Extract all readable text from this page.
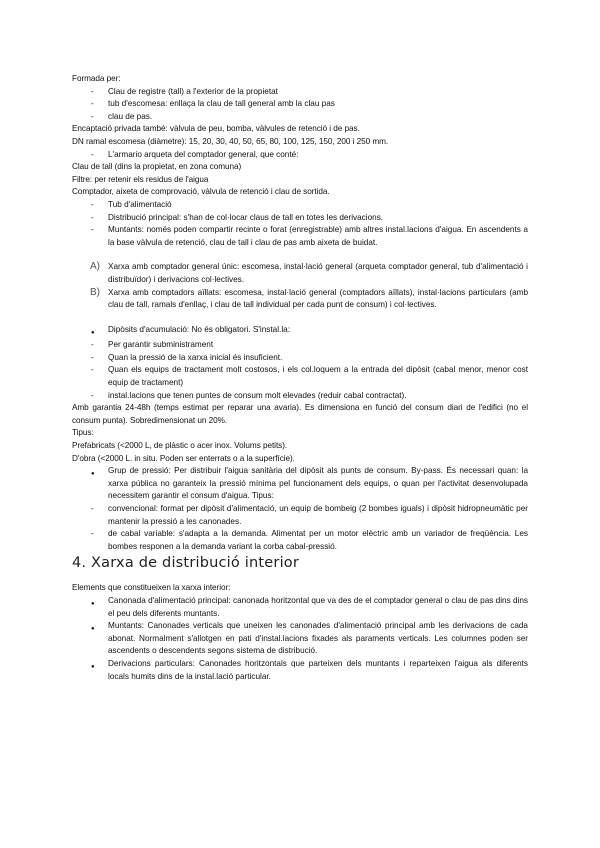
Formada per:
-	Clau de registre (tall) a l'exterior de la propietat
-	tub d'escomesa: enllaça la clau de tall general amb la clau pas
-	clau de pas.
Encaptació privada també: vàlvula de peu, bomba, vàlvules de retenció i de pas.
DN ramal escomesa (diàmetre): 15, 20, 30, 40, 50, 65, 80, 100, 125, 150, 200 i 250 mm.
-	L'armario arqueta del comptador general, que conté:
Clau de tall (dins la propietat, en zona comuna)
Filtre: per retenir els residus de l'aigua
Comptador, aixeta de comprovació, vàlvula de retenció i clau de sortida.
-	Tub d'alimentació
-	Distribució principal: s'han de col·locar claus de tall en totes les derivacions.
-	Muntants: només poden compartir recinte o forat (enregistrable) amb altres instal.lacions d'aigua. En ascendents a la base vàlvula de retenció, clau de tall i clau de pas amb aixeta de buidat.
A) Xarxa amb comptador general únic: escomesa, instal·lació general (arqueta comptador general, tub d'alimentació i distribuïdor) i derivacions col·lectives.
B) Xarxa amb comptadors aïllats: escomesa, instal·lació general (comptadors aïllats), instal·lacions particulars (amb clau de tall, ramals d'enllaç, i clau de tall individual per cada punt de consum) i col·lectives.
●	Dipòsits d'acumulació: No és obligatori. S'instal.la:
-	Per garantir subministrament
-	Quan la pressió de la xarxa inicial és insuficient.
-	Quan els equips de tractament molt costosos, i els col.loquem a la entrada del dipòsit (cabal menor, menor cost equip de tractament)
-	instal.lacions que tenen puntes de consum molt elevades (reduir cabal contractat).
Amb garantia 24-48h (temps estimat per reparar una avaria). Es dimensiona en funció del consum diari de l'edifici (no el consum punta). Sobredimensionat un 20%.
Tipus:
Prefabricats (<2000 L, de plàstic o acer inox. Volums petits).
D'obra (<2000 L. in situ. Poden ser enterrats o a la superfície).
●	Grup de pressió: Per distribuir l'aigua sanitària del dipòsit als punts de consum. By-pass. És necessari quan: la xarxa pública no garanteix la pressió mínima pel funcionament dels equips, o quan per l'activitat desenvolupada necessitem garantir el consum d'aigua. Tipus:
-	convencional: format per dipòsit d'alimentació, un equip de bombeig (2 bombes iguals) i dipòsit hidropneumàtic per mantenir la pressió a les canonades.
-	de cabal variable: s'adapta a la demanda. Alimentat per un motor elèctric amb un variador de freqüència. Les bombes responen a la demanda variant la corba cabal-pressió.
4. Xarxa de distribució interior
Elements que constitueixen la xarxa interior:
●	Canonada d'alimentació principal: canonada horitzontal que va des de el comptador general o clau de pas dins dins el peu dels diferents muntants.
●	Muntants: Canonades verticals que uneixen les canonades d'alimentació principal amb les derivacions de cada abonat. Normalment s'allotgen en pati d'instal.lacions fixades als paraments verticals. Les columnes poden ser ascendents o descendents segons sistema de distribució.
●	Derivacions particulars: Canonades horitzontals que parteixen dels muntants i reparteixen l'aigua als diferents locals humits dins de la instal.lació particular.
